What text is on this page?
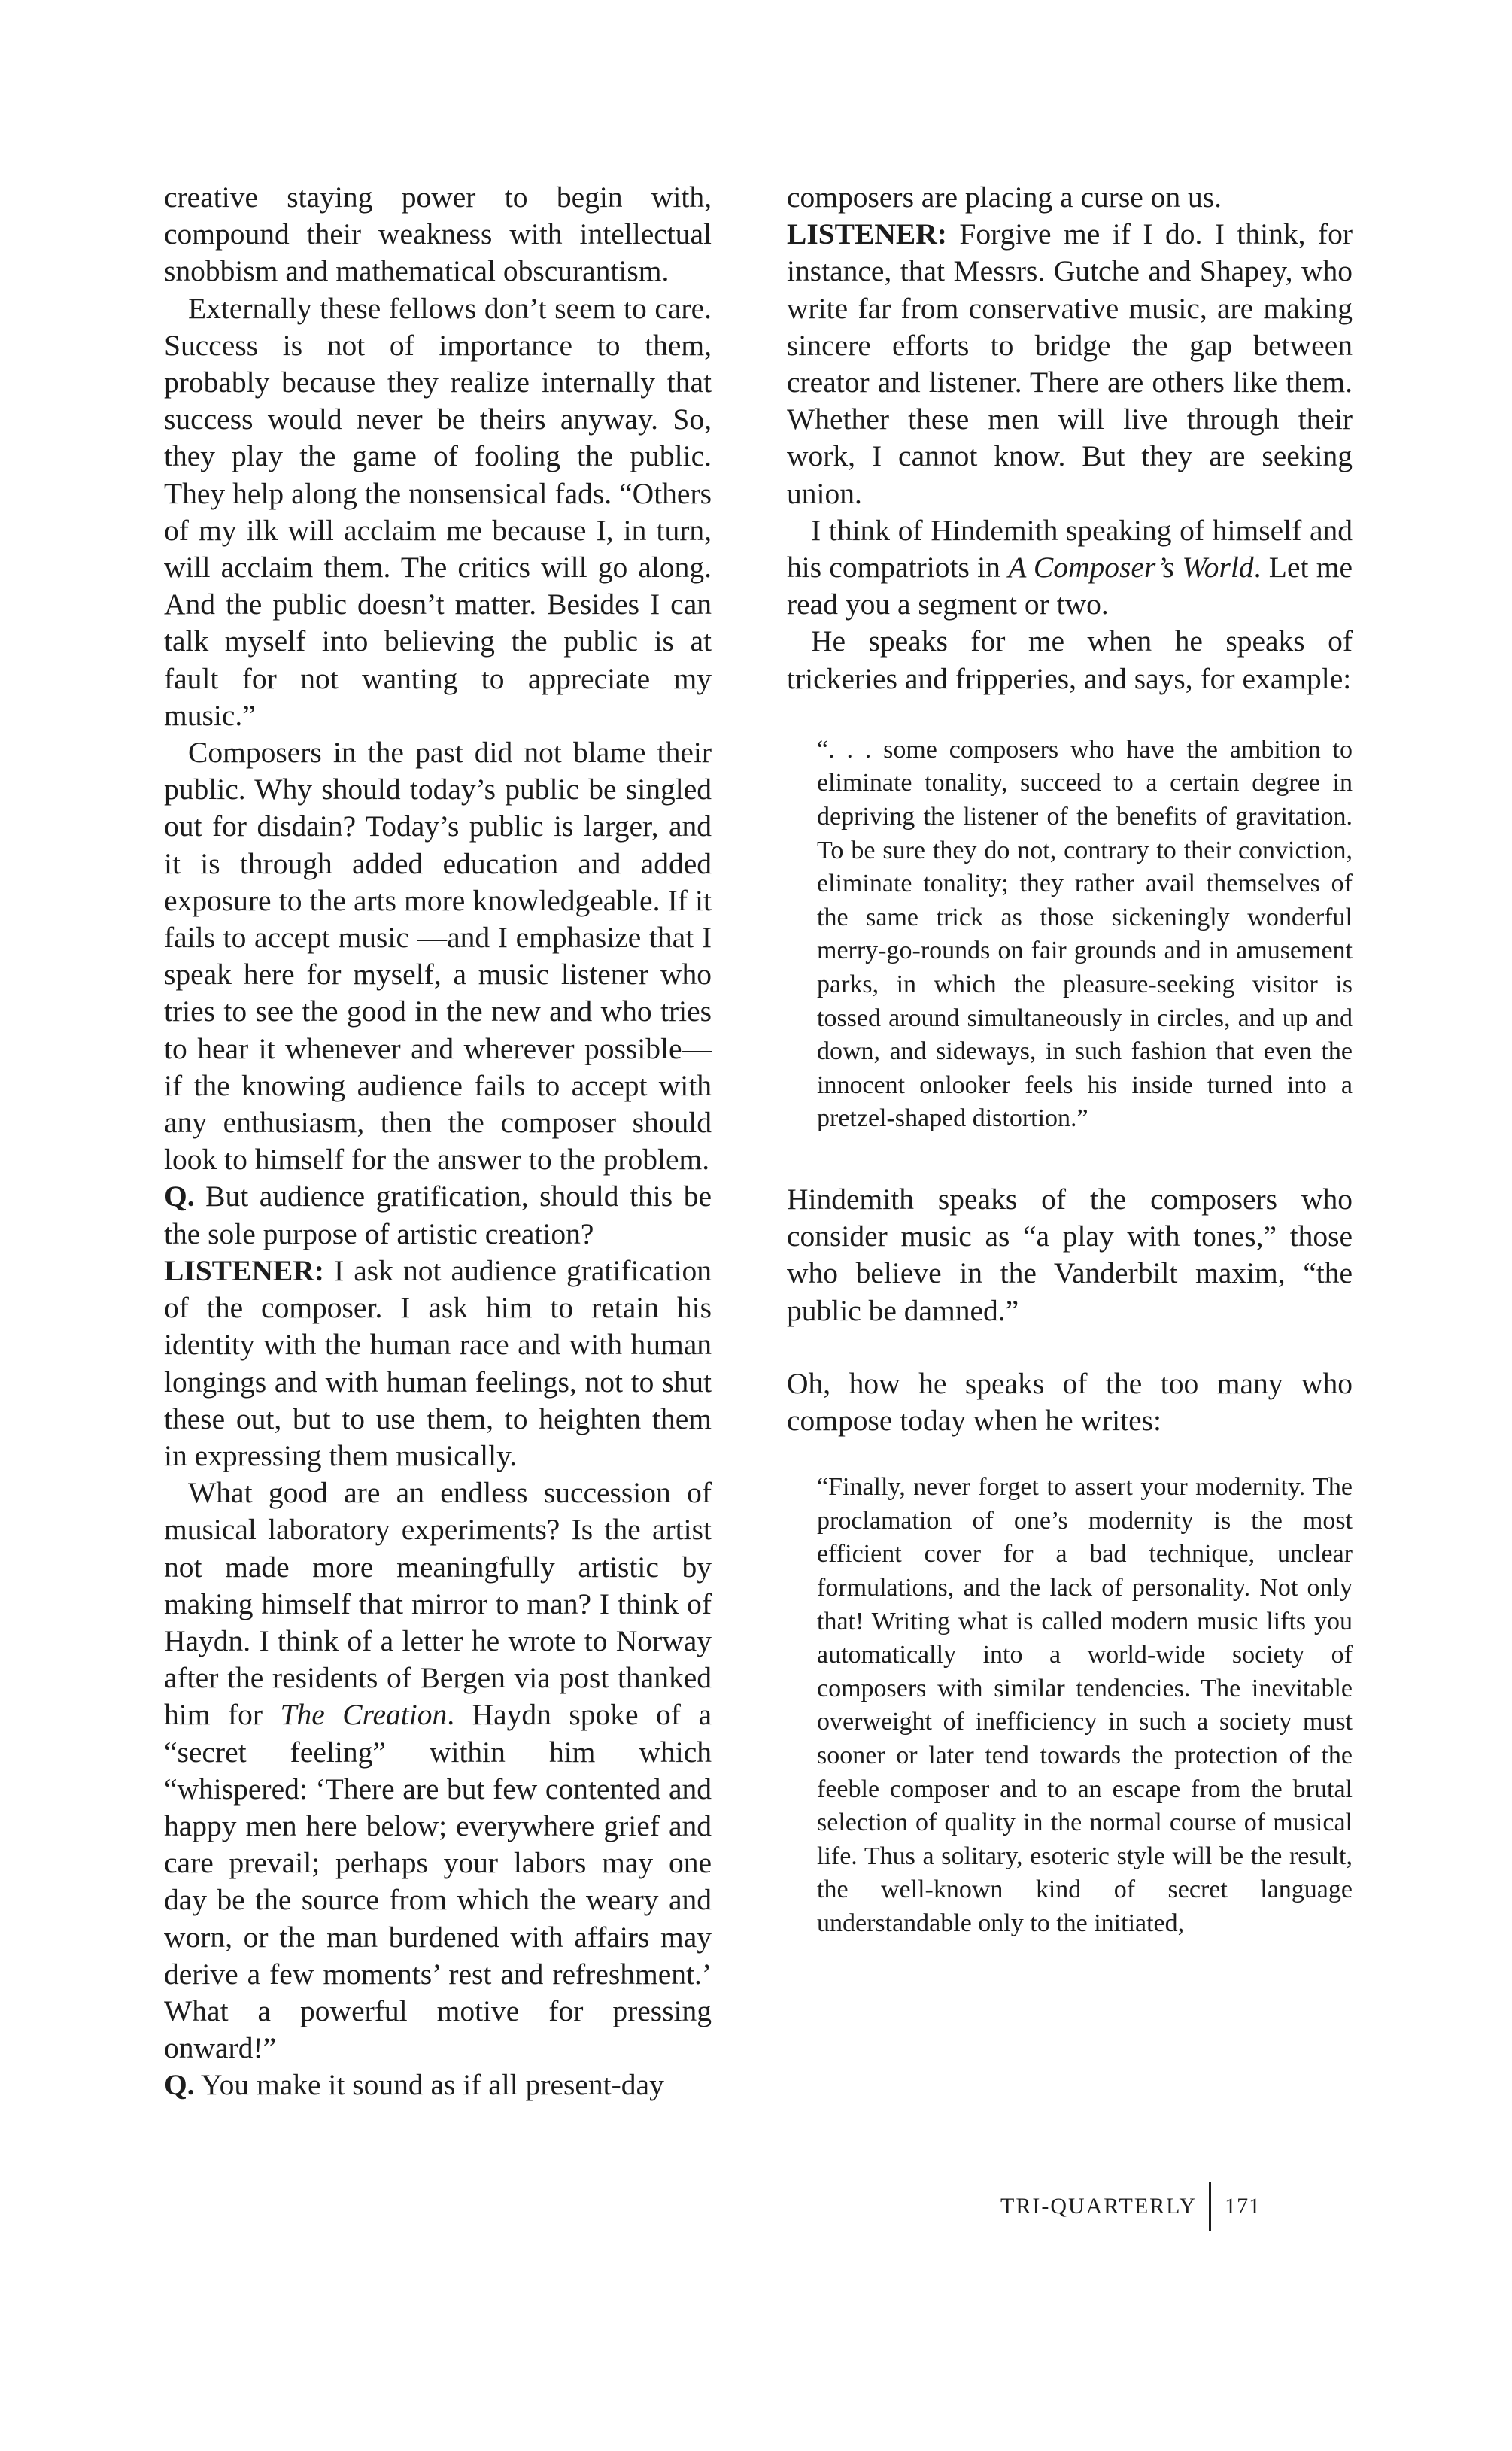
creative staying power to begin with, compound their weakness with intellectual snobbism and mathematical obscurantism.

Externally these fellows don’t seem to care. Success is not of importance to them, probably because they realize internally that success would never be theirs anyway. So, they play the game of fooling the public. They help along the nonsensical fads. “Others of my ilk will acclaim me because I, in turn, will acclaim them. The critics will go along. And the public doesn’t matter. Besides I can talk myself into believing the public is at fault for not wanting to appreciate my music.”

Composers in the past did not blame their public. Why should today’s public be singled out for disdain? Today’s public is larger, and it is through added education and added exposure to the arts more knowledgeable. If it fails to accept music —and I emphasize that I speak here for myself, a music listener who tries to see the good in the new and who tries to hear it whenever and wherever possible—if the knowing audience fails to accept with any enthusiasm, then the composer should look to himself for the answer to the problem.

Q. But audience gratification, should this be the sole purpose of artistic creation?

LISTENER: I ask not audience gratification of the composer. I ask him to retain his identity with the human race and with human longings and with human feelings, not to shut these out, but to use them, to heighten them in expressing them musically.

What good are an endless succession of musical laboratory experiments? Is the artist not made more meaningfully artistic by making himself that mirror to man? I think of Haydn. I think of a letter he wrote to Norway after the residents of Bergen via post thanked him for The Creation. Haydn spoke of a “secret feeling” within him which “whispered: ‘There are but few contented and happy men here below; everywhere grief and care prevail; perhaps your labors may one day be the source from which the weary and worn, or the man burdened with affairs may derive a few moments’ rest and refreshment.’ What a powerful motive for pressing onward!”

Q. You make it sound as if all present-day

composers are placing a curse on us.

LISTENER: Forgive me if I do. I think, for instance, that Messrs. Gutche and Shapey, who write far from conservative music, are making sincere efforts to bridge the gap between creator and listener. There are others like them. Whether these men will live through their work, I cannot know. But they are seeking union.

I think of Hindemith speaking of himself and his compatriots in A Composer’s World. Let me read you a segment or two.

He speaks for me when he speaks of trickeries and fripperies, and says, for example:

“. . . some composers who have the ambition to eliminate tonality, succeed to a certain degree in depriving the listener of the benefits of gravitation. To be sure they do not, contrary to their conviction, eliminate tonality; they rather avail themselves of the same trick as those sickeningly wonderful merry-go-rounds on fair grounds and in amusement parks, in which the pleasure-seeking visitor is tossed around simultaneously in circles, and up and down, and sideways, in such fashion that even the innocent onlooker feels his inside turned into a pretzel-shaped distortion.”

Hindemith speaks of the composers who consider music as “a play with tones,” those who believe in the Vanderbilt maxim, “the public be damned.”

Oh, how he speaks of the too many who compose today when he writes:

“Finally, never forget to assert your modernity. The proclamation of one’s modernity is the most efficient cover for a bad technique, unclear formulations, and the lack of personality. Not only that! Writing what is called modern music lifts you automatically into a world-wide society of composers with similar tendencies. The inevitable overweight of inefficiency in such a society must sooner or later tend towards the protection of the feeble composer and to an escape from the brutal selection of quality in the normal course of musical life. Thus a solitary, esoteric style will be the result, the well-known kind of secret language understandable only to the initiated,
TRI-QUARTERLY 171
